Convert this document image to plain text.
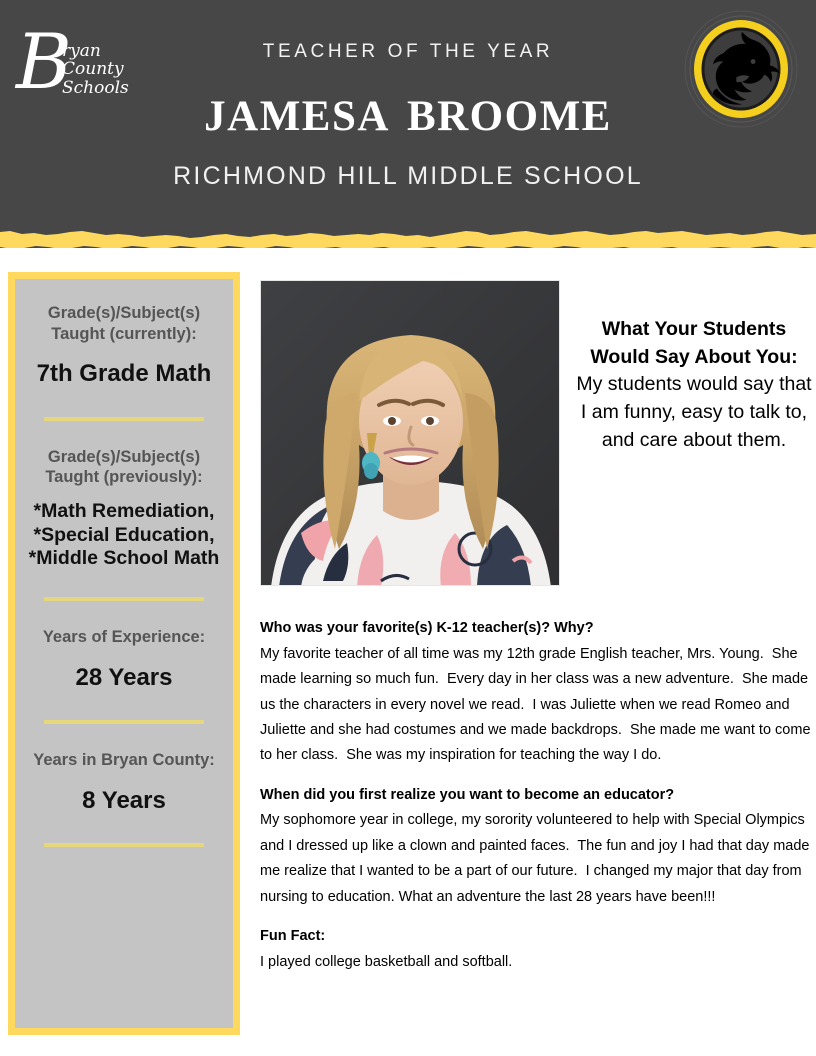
B
ryan
County
Schools
TEACHER OF THE YEAR
jamesa broome
RICHMOND HILL MIDDLE SCHOOL
Grade(s)/Subject(s) Taught (currently):
7th Grade Math
Grade(s)/Subject(s) Taught (previously):
*Math Remediation, *Special Education, *Middle School Math
Years of Experience:
28 Years
Years in Bryan County:
8 Years
What Your Students Would Say About You:
My students would say that I am funny, easy to talk to, and care about them.
Who was your favorite(s) K-12 teacher(s)? Why?
My favorite teacher of all time was my 12th grade English teacher, Mrs. Young.  She made learning so much fun.  Every day in her class was a new adventure.  She made us the characters in every novel we read.  I was Juliette when we read Romeo and Juliette and she had costumes and we made backdrops.  She made me want to come to her class.  She was my inspiration for teaching the way I do.
When did you first realize you want to become an educator?
My sophomore year in college, my sorority volunteered to help with Special Olympics and I dressed up like a clown and painted faces.  The fun and joy I had that day made me realize that I wanted to be a part of our future.  I changed my major that day from nursing to education. What an adventure the last 28 years have been!!!
Fun Fact:
I played college basketball and softball.
